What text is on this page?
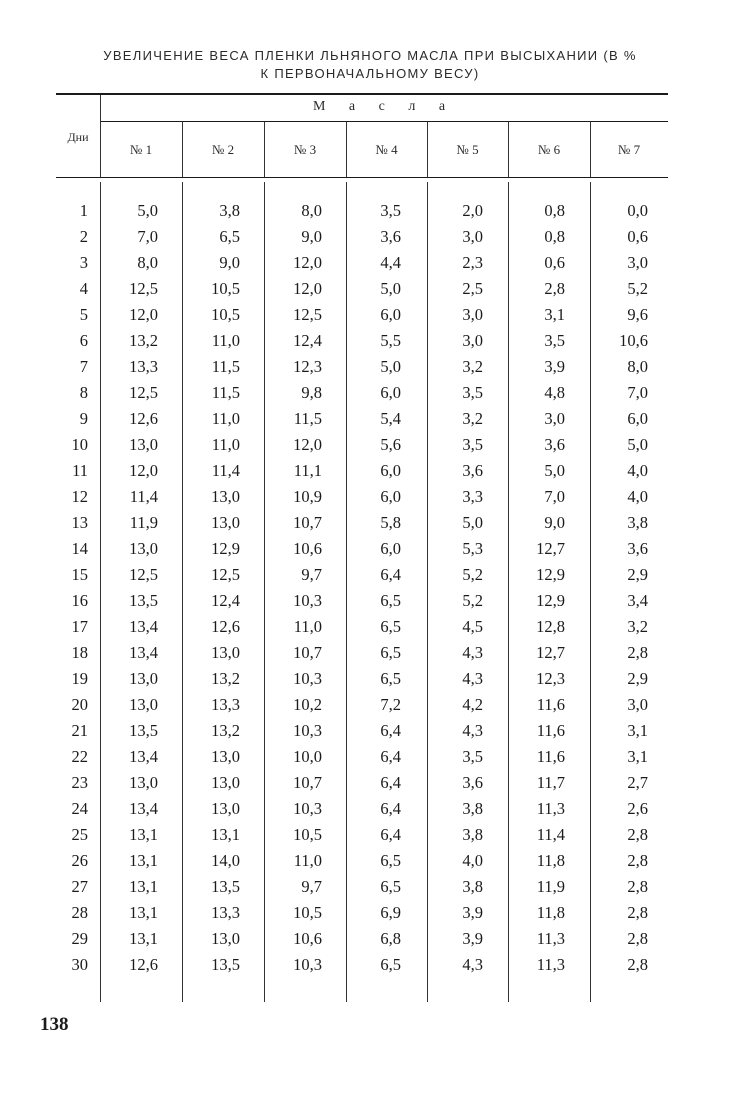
УВЕЛИЧЕНИЕ ВЕСА ПЛЕНКИ ЛЬНЯНОГО МАСЛА ПРИ ВЫСЫХАНИИ (В %
К ПЕРВОНАЧАЛЬНОМУ ВЕСУ)
Дни
М а с л а
№ 1	№ 2	№ 3	№ 4	№ 5	№ 6	№ 7
1	5,0	3,8	8,0	3,5	2,0	0,8	0,0
2	7,0	6,5	9,0	3,6	3,0	0,8	0,6
3	8,0	9,0	12,0	4,4	2,3	0,6	3,0
4	12,5	10,5	12,0	5,0	2,5	2,8	5,2
5	12,0	10,5	12,5	6,0	3,0	3,1	9,6
6	13,2	11,0	12,4	5,5	3,0	3,5	10,6
7	13,3	11,5	12,3	5,0	3,2	3,9	8,0
8	12,5	11,5	9,8	6,0	3,5	4,8	7,0
9	12,6	11,0	11,5	5,4	3,2	3,0	6,0
10	13,0	11,0	12,0	5,6	3,5	3,6	5,0
11	12,0	11,4	11,1	6,0	3,6	5,0	4,0
12	11,4	13,0	10,9	6,0	3,3	7,0	4,0
13	11,9	13,0	10,7	5,8	5,0	9,0	3,8
14	13,0	12,9	10,6	6,0	5,3	12,7	3,6
15	12,5	12,5	9,7	6,4	5,2	12,9	2,9
16	13,5	12,4	10,3	6,5	5,2	12,9	3,4
17	13,4	12,6	11,0	6,5	4,5	12,8	3,2
18	13,4	13,0	10,7	6,5	4,3	12,7	2,8
19	13,0	13,2	10,3	6,5	4,3	12,3	2,9
20	13,0	13,3	10,2	7,2	4,2	11,6	3,0
21	13,5	13,2	10,3	6,4	4,3	11,6	3,1
22	13,4	13,0	10,0	6,4	3,5	11,6	3,1
23	13,0	13,0	10,7	6,4	3,6	11,7	2,7
24	13,4	13,0	10,3	6,4	3,8	11,3	2,6
25	13,1	13,1	10,5	6,4	3,8	11,4	2,8
26	13,1	14,0	11,0	6,5	4,0	11,8	2,8
27	13,1	13,5	9,7	6,5	3,8	11,9	2,8
28	13,1	13,3	10,5	6,9	3,9	11,8	2,8
29	13,1	13,0	10,6	6,8	3,9	11,3	2,8
30	12,6	13,5	10,3	6,5	4,3	11,3	2,8
138
